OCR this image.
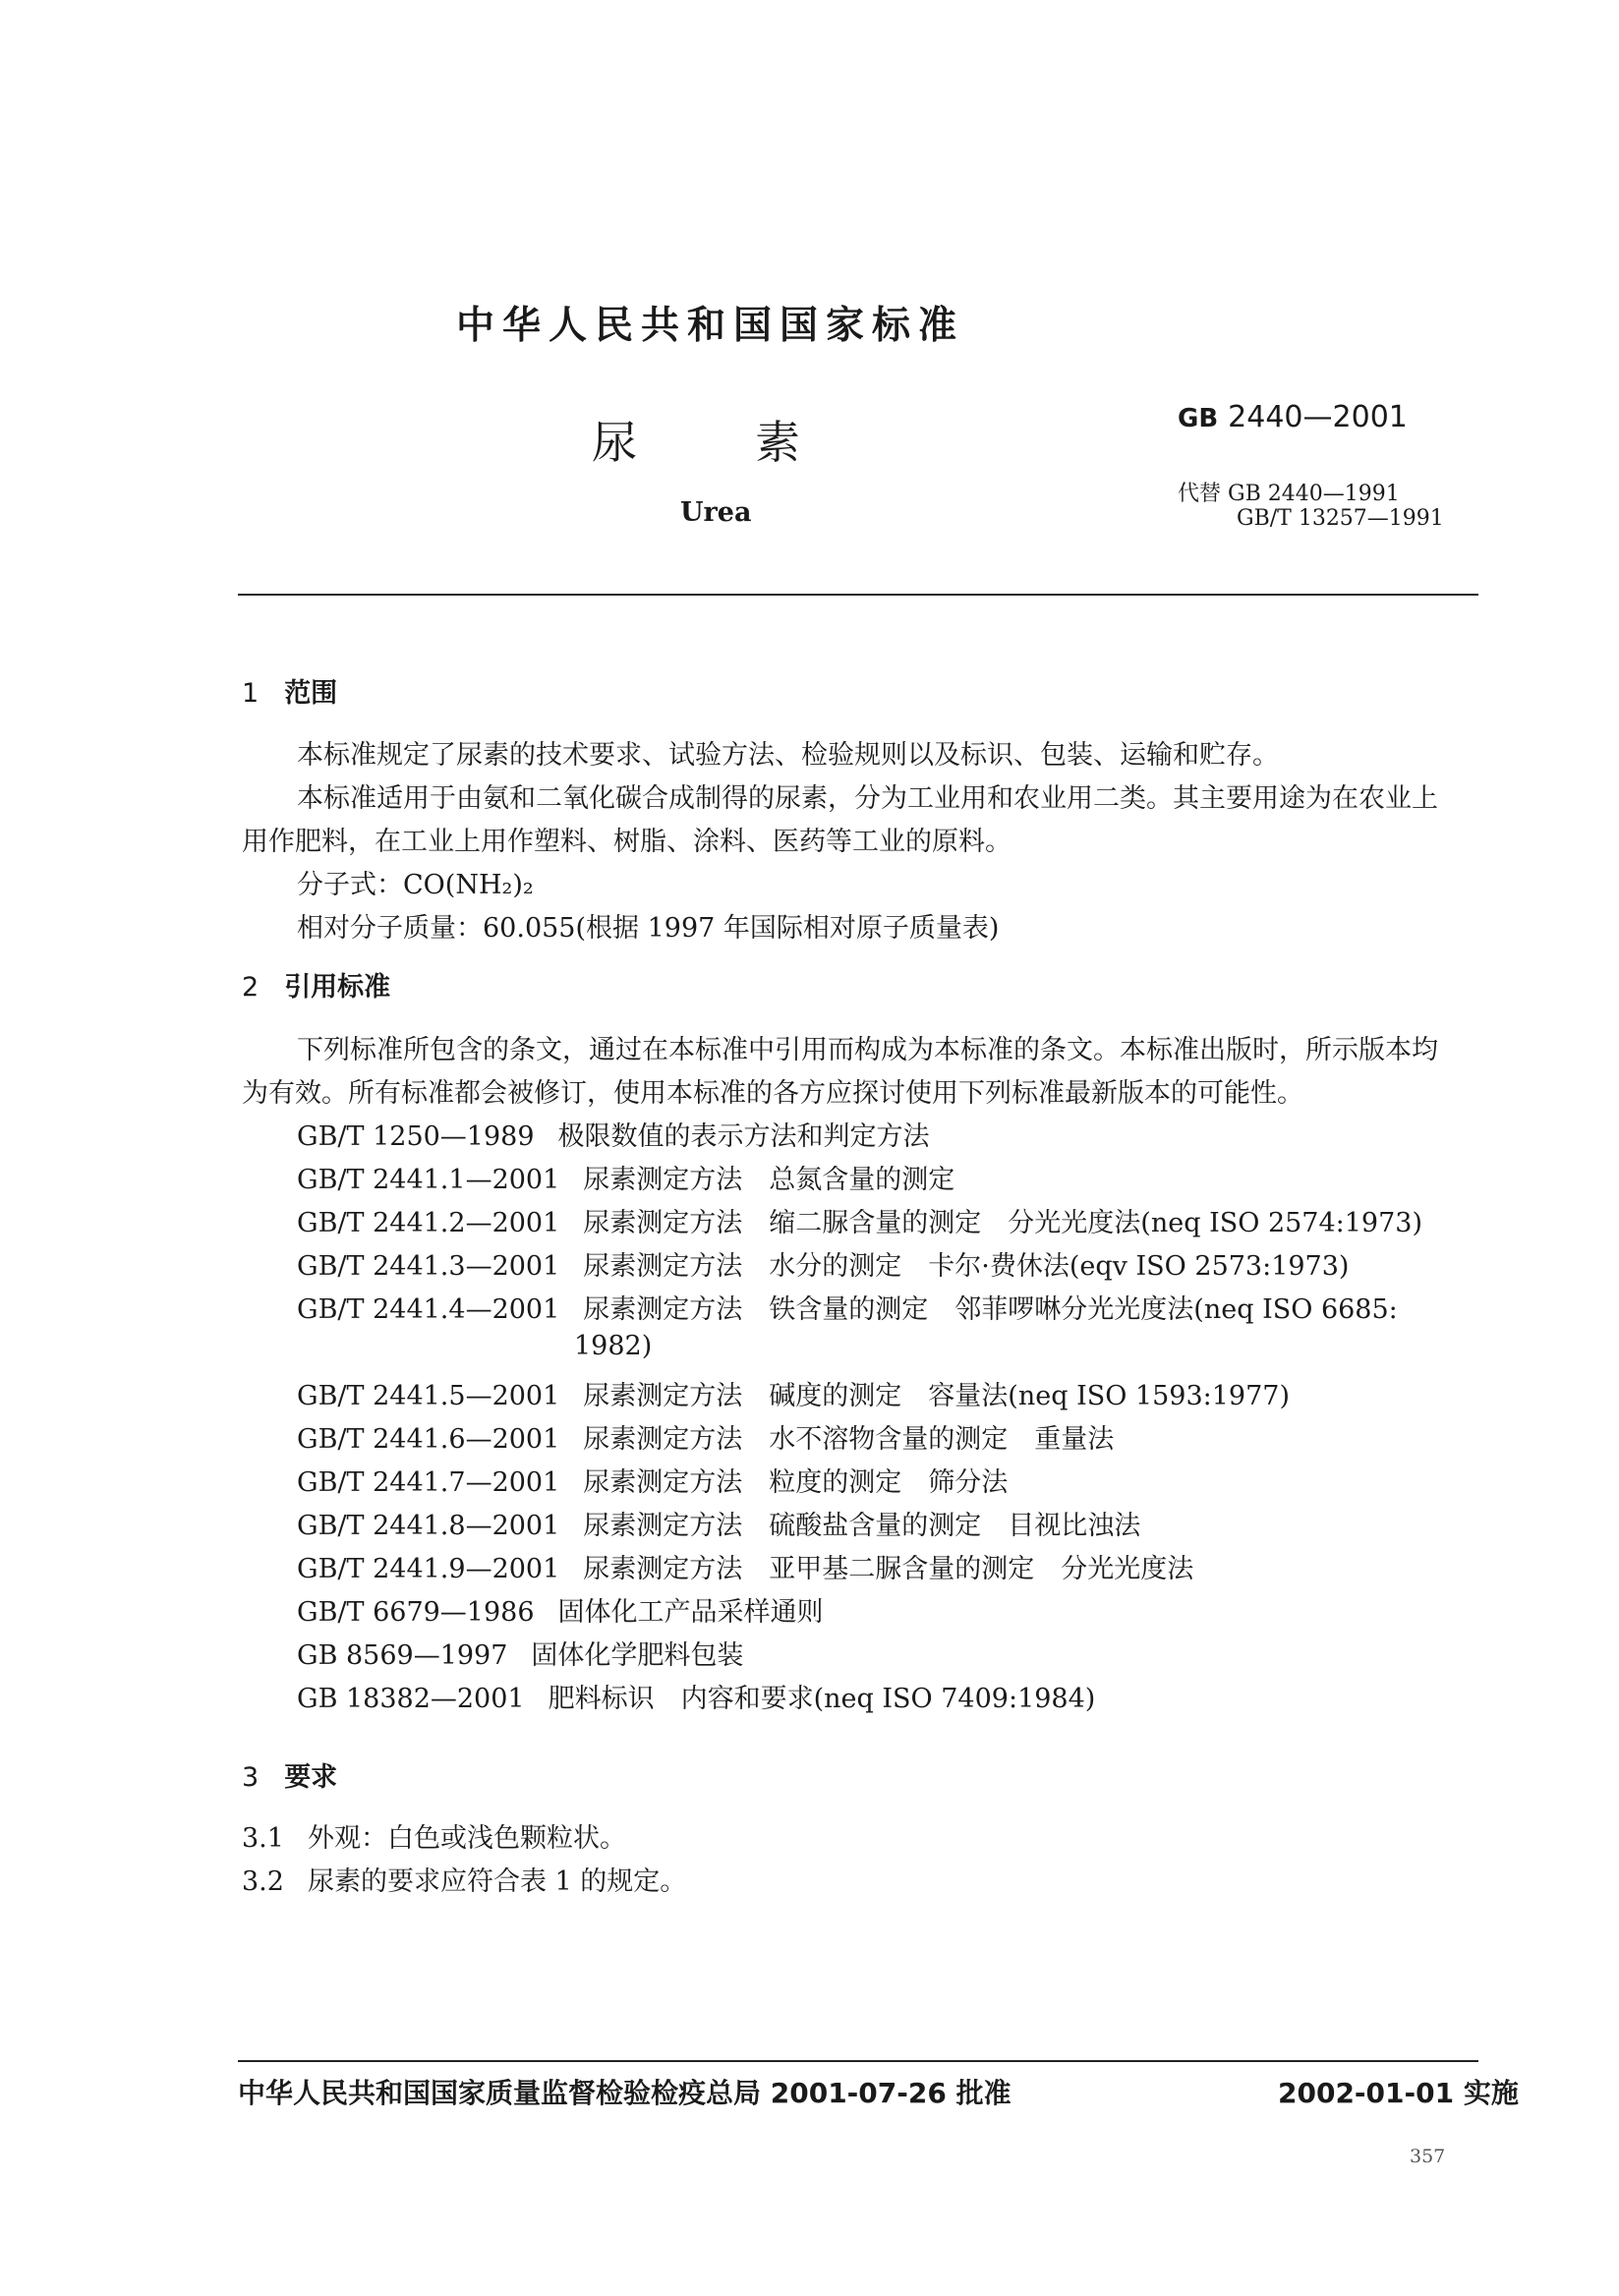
中华人民共和国国家标准
尿素
Urea
GB 2440—2001
代替 GB 2440—1991
GB/T 13257—1991
1 范围
本标准规定了尿素的技术要求、试验方法、检验规则以及标识、包装、运输和贮存。
本标准适用于由氨和二氧化碳合成制得的尿素，分为工业用和农业用二类。其主要用途为在农业上
用作肥料，在工业上用作塑料、树脂、涂料、医药等工业的原料。
分子式：CO(NH₂)₂
相对分子质量：60.055(根据 1997 年国际相对原子质量表)
2 引用标准
下列标准所包含的条文，通过在本标准中引用而构成为本标准的条文。本标准出版时，所示版本均
为有效。所有标准都会被修订，使用本标准的各方应探讨使用下列标准最新版本的可能性。
GB/T 1250—1989 极限数值的表示方法和判定方法
GB/T 2441.1—2001 尿素测定方法　总氮含量的测定
GB/T 2441.2—2001 尿素测定方法　缩二脲含量的测定　分光光度法(neq ISO 2574:1973)
GB/T 2441.3—2001 尿素测定方法　水分的测定　卡尔·费休法(eqv ISO 2573:1973)
GB/T 2441.4—2001 尿素测定方法　铁含量的测定　邻菲啰啉分光光度法(neq ISO 6685:
1982)
GB/T 2441.5—2001 尿素测定方法　碱度的测定　容量法(neq ISO 1593:1977)
GB/T 2441.6—2001 尿素测定方法　水不溶物含量的测定　重量法
GB/T 2441.7—2001 尿素测定方法　粒度的测定　筛分法
GB/T 2441.8—2001 尿素测定方法　硫酸盐含量的测定　目视比浊法
GB/T 2441.9—2001 尿素测定方法　亚甲基二脲含量的测定　分光光度法
GB/T 6679—1986 固体化工产品采样通则
GB 8569—1997 固体化学肥料包装
GB 18382—2001 肥料标识　内容和要求(neq ISO 7409:1984)
3 要求
3.1 外观：白色或浅色颗粒状。
3.2 尿素的要求应符合表 1 的规定。
中华人民共和国国家质量监督检验检疫总局 2001-07-26 批准	2002-01-01 实施
357
